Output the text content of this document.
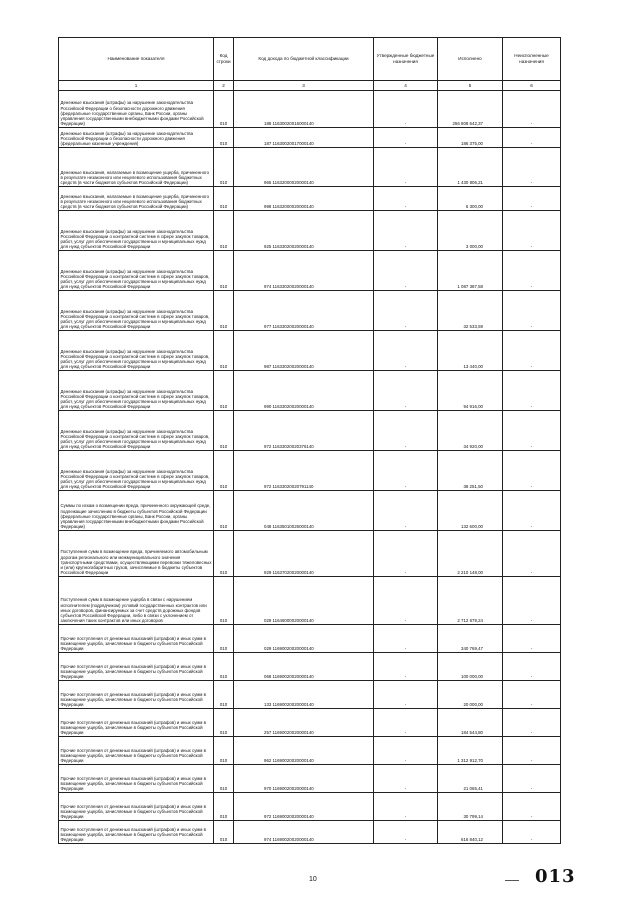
Наименование показателя	Код строки	Код дохода по бюджетной классификации	Утвержденные бюджетные назначения	Исполнено	Неисполненные назначения
1	2	3	4	5	6
Денежные взыскания (штрафы) за нарушение законодательства Российской Федерации о безопасности дорожного движения (федеральные государственные органы, Банк России, органы управления государственными внебюджетными фондами Российской Федерации)	010	188 11630020016000140	-	256 808 642,37	-
Денежные взыскания (штрафы) за нарушение законодательства Российской Федерации о безопасности дорожного движения (федеральные казенные учреждения)	010	187 11630020017000140	-	186 375,00	-
Денежные взыскания, налагаемые в возмещение ущерба, причиненного в результате незаконного или нецелевого использования бюджетных средств (в части бюджетов субъектов Российской Федерации)	010	965 11632000020000140	-	1 430 806,21	-
Денежные взыскания, налагаемые в возмещение ущерба, причиненного в результате незаконного или нецелевого использования бюджетных средств (в части бюджетов субъектов Российской Федерации)	010	998 11632000020000140	-	6 300,00	-
Денежные взыскания (штрафы) за нарушение законодательства Российской Федерации о контрактной системе в сфере закупок товаров, работ, услуг для обеспечения государственных и муниципальных нужд для нужд субъектов Российской Федерации	010	925 11633020020000140	-	3 000,00	-
Денежные взыскания (штрафы) за нарушение законодательства Российской Федерации о контрактной системе в сфере закупок товаров, работ, услуг для обеспечения государственных и муниципальных нужд для нужд субъектов Российской Федерации	010	974 11633020020000140	-	1 087 387,58	-
Денежные взыскания (штрафы) за нарушение законодательства Российской Федерации о контрактной системе в сфере закупок товаров, работ, услуг для обеспечения государственных и муниципальных нужд для нужд субъектов Российской Федерации	010	977 11633020020000140	-	32 533,59	-
Денежные взыскания (штрафы) за нарушение законодательства Российской Федерации о контрактной системе в сфере закупок товаров, работ, услуг для обеспечения государственных и муниципальных нужд для нужд субъектов Российской Федерации	010	987 11633020020000140	-	13 440,00	-
Денежные взыскания (штрафы) за нарушение законодательства Российской Федерации о контрактной системе в сфере закупок товаров, работ, услуг для обеспечения государственных и муниципальных нужд для нужд субъектов Российской Федерации	010	990 11633020020000140	-	94 916,00	-
Денежные взыскания (штрафы) за нарушение законодательства Российской Федерации о контрактной системе в сфере закупок товаров, работ, услуг для обеспечения государственных и муниципальных нужд для нужд субъектов Российской Федерации	010	972 11633020020376140	-	34 920,00	-
Денежные взыскания (штрафы) за нарушение законодательства Российской Федерации о контрактной системе в сфере закупок товаров, работ, услуг для обеспечения государственных и муниципальных нужд для нужд субъектов Российской Федерации	010	972 11633020020791140	-	38 251,50	-
Суммы по искам о возмещении вреда, причиненного окружающей среде, подлежащие зачислению в бюджеты субъектов Российской Федерации (федеральные государственные органы, Банк России, органы управления государственными внебюджетными фондами Российской Федерации)	010	048 11635010026000140	-	132 600,00	-
Поступления сумм в возмещение вреда, причиняемого автомобильным дорогам регионального или межмуниципального значения транспортными средствами, осуществляющими перевозки тяжеловесных и (или) крупногабаритных грузов, зачисляемые в бюджеты субъектов Российской Федерации	010	929 11637020020000140	-	2 210 148,00	-
Поступления сумм в возмещение ущерба в связи с нарушением исполнителем (подрядчиком) условий государственных контрактов или иных договоров, финансируемых за счет средств дорожных фондов субъектов Российской Федерации, либо в связи с уклонением от заключения таких контрактов или иных договоров	010	029 11646000020000140	-	2 712 679,24	-
Прочие поступления от денежных взысканий (штрафов) и иных сумм в возмещение ущерба, зачисляемые в бюджеты субъектов Российской Федерации	010	029 11690020020000140	-	340 769,47	-
Прочие поступления от денежных взысканий (штрафов) и иных сумм в возмещение ущерба, зачисляемые в бюджеты субъектов Российской Федерации	010	068 11690020020000140	-	100 000,00	-
Прочие поступления от денежных взысканий (штрафов) и иных сумм в возмещение ущерба, зачисляемые в бюджеты субъектов Российской Федерации	010	133 11690020020000140	-	20 000,00	-
Прочие поступления от денежных взысканий (штрафов) и иных сумм в возмещение ущерба, зачисляемые в бюджеты субъектов Российской Федерации	010	257 11690020020000140	-	184 544,80	-
Прочие поступления от денежных взысканий (штрафов) и иных сумм в возмещение ущерба, зачисляемые в бюджеты субъектов Российской Федерации	010	962 11690020020000140	-	1 312 912,70	-
Прочие поступления от денежных взысканий (штрафов) и иных сумм в возмещение ущерба, зачисляемые в бюджеты субъектов Российской Федерации	010	970 11690020020000140	-	21 065,41	-
Прочие поступления от денежных взысканий (штрафов) и иных сумм в возмещение ущерба, зачисляемые в бюджеты субъектов Российской Федерации	010	972 11690020020000140	-	30 799,14	-
Прочие поступления от денежных взысканий (штрафов) и иных сумм в возмещение ущерба, зачисляемые в бюджеты субъектов Российской Федерации	010	974 11690020020000140	-	616 840,12	-
10	013
